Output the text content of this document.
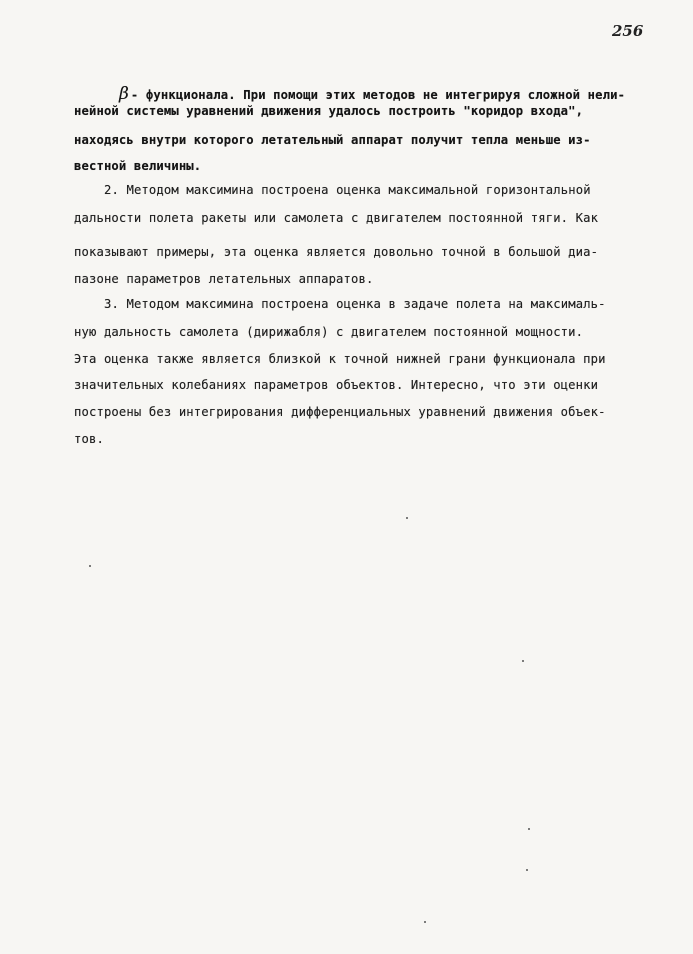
256

β - функционала. При помощи этих методов не интегрируя сложной нели-

нейной системы уравнений движения удалось построить "коридор входа",
находясь внутри которого летательный аппарат получит тепла меньше из-
вестной величины.
2. Методом максимина построена оценка максимальной горизонтальной
дальности полета ракеты или самолета с двигателем постоянной тяги. Как
показывают примеры, эта оценка является довольно точной в большой диа-
пазоне параметров летательных аппаратов.
3. Методом максимина построена оценка в задаче полета на максималь-
ную дальность самолета (дирижабля) с двигателем постоянной мощности.
Эта оценка также является близкой к точной нижней грани функционала при
значительных колебаниях параметров объектов. Интересно, что эти оценки
построены без интегрирования дифференциальных уравнений движения объек-
тов.
